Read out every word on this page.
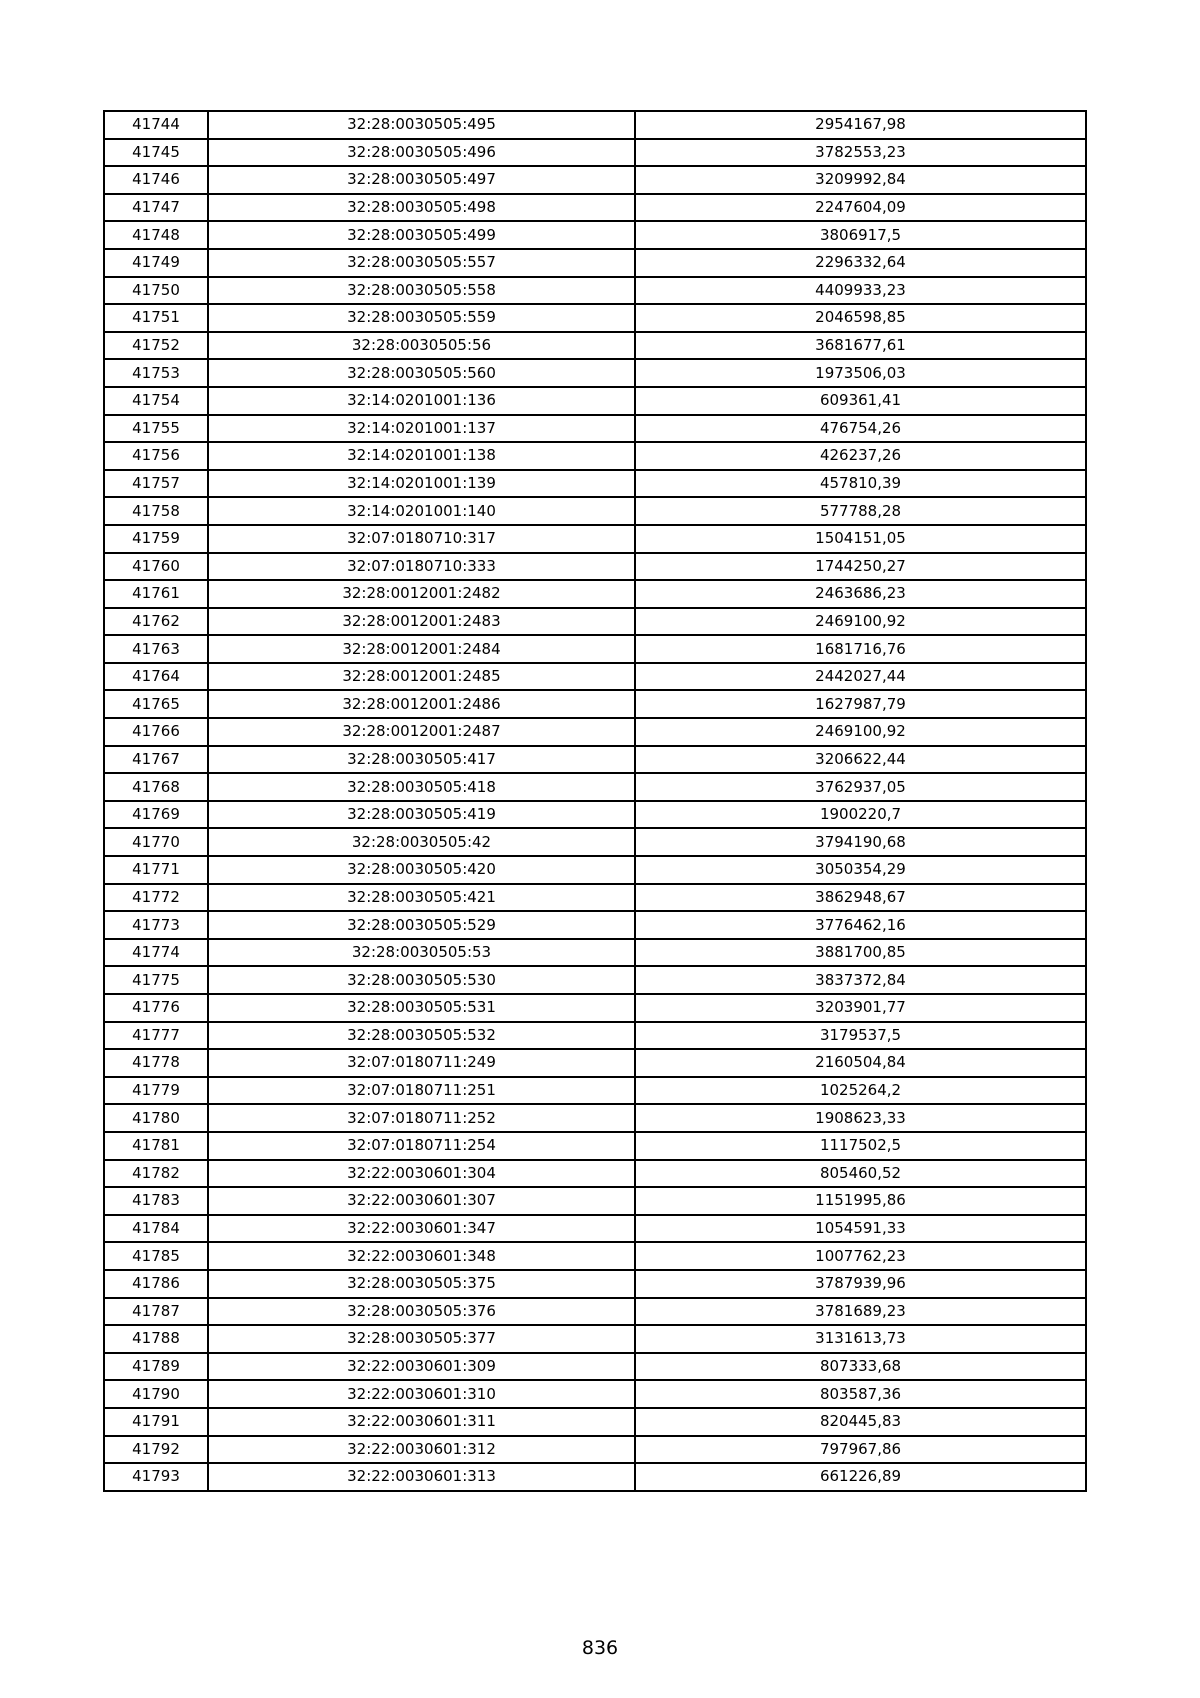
41744	32:28:0030505:495	2954167,98
41745	32:28:0030505:496	3782553,23
41746	32:28:0030505:497	3209992,84
41747	32:28:0030505:498	2247604,09
41748	32:28:0030505:499	3806917,5
41749	32:28:0030505:557	2296332,64
41750	32:28:0030505:558	4409933,23
41751	32:28:0030505:559	2046598,85
41752	32:28:0030505:56	3681677,61
41753	32:28:0030505:560	1973506,03
41754	32:14:0201001:136	609361,41
41755	32:14:0201001:137	476754,26
41756	32:14:0201001:138	426237,26
41757	32:14:0201001:139	457810,39
41758	32:14:0201001:140	577788,28
41759	32:07:0180710:317	1504151,05
41760	32:07:0180710:333	1744250,27
41761	32:28:0012001:2482	2463686,23
41762	32:28:0012001:2483	2469100,92
41763	32:28:0012001:2484	1681716,76
41764	32:28:0012001:2485	2442027,44
41765	32:28:0012001:2486	1627987,79
41766	32:28:0012001:2487	2469100,92
41767	32:28:0030505:417	3206622,44
41768	32:28:0030505:418	3762937,05
41769	32:28:0030505:419	1900220,7
41770	32:28:0030505:42	3794190,68
41771	32:28:0030505:420	3050354,29
41772	32:28:0030505:421	3862948,67
41773	32:28:0030505:529	3776462,16
41774	32:28:0030505:53	3881700,85
41775	32:28:0030505:530	3837372,84
41776	32:28:0030505:531	3203901,77
41777	32:28:0030505:532	3179537,5
41778	32:07:0180711:249	2160504,84
41779	32:07:0180711:251	1025264,2
41780	32:07:0180711:252	1908623,33
41781	32:07:0180711:254	1117502,5
41782	32:22:0030601:304	805460,52
41783	32:22:0030601:307	1151995,86
41784	32:22:0030601:347	1054591,33
41785	32:22:0030601:348	1007762,23
41786	32:28:0030505:375	3787939,96
41787	32:28:0030505:376	3781689,23
41788	32:28:0030505:377	3131613,73
41789	32:22:0030601:309	807333,68
41790	32:22:0030601:310	803587,36
41791	32:22:0030601:311	820445,83
41792	32:22:0030601:312	797967,86
41793	32:22:0030601:313	661226,89
836
